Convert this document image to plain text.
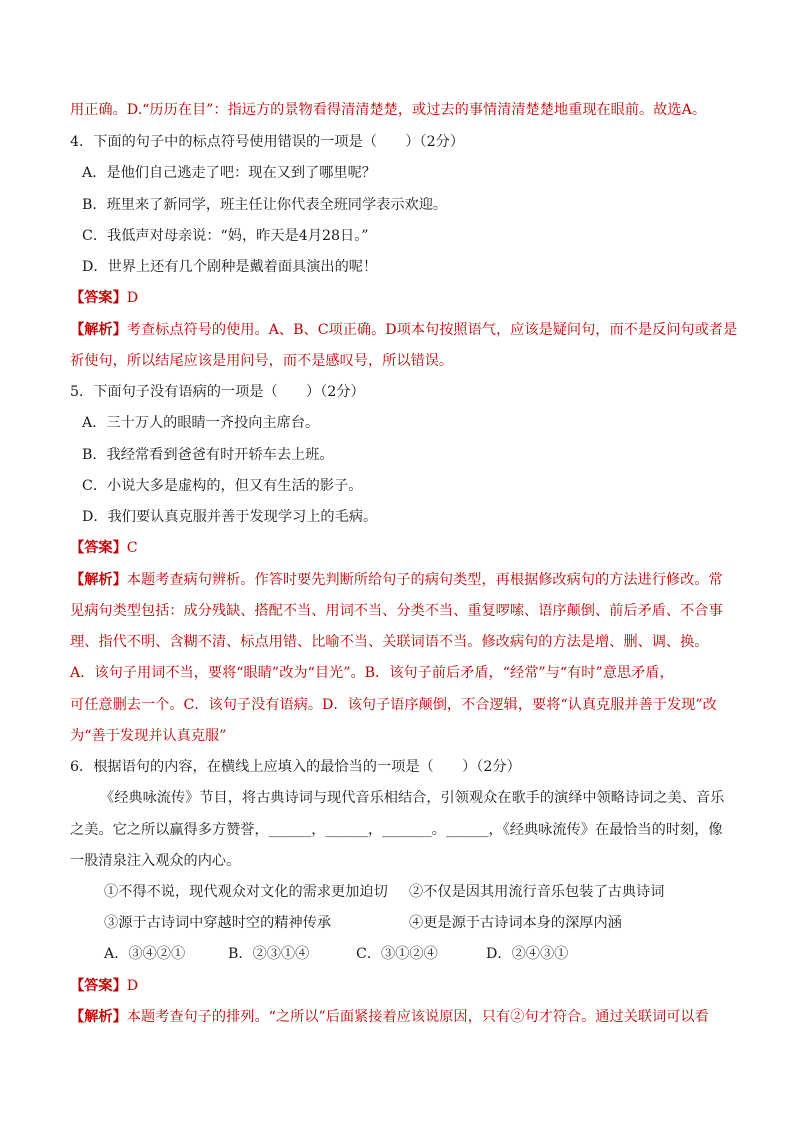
用正确。D.“历历在目”：指远方的景物看得清清楚楚，或过去的事情清清楚楚地重现在眼前。故选A。
4．下面的句子中的标点符号使用错误的一项是（　　）（2分）
A．是他们自己逃走了吧：现在又到了哪里呢？
B．班里来了新同学，班主任让你代表全班同学表示欢迎。
C．我低声对母亲说：“妈，昨天是4月28日。”
D．世界上还有几个剧种是戴着面具演出的呢！
【答案】D
【解析】考查标点符号的使用。A、B、C项正确。D项本句按照语气，应该是疑问句，而不是反问句或者是
祈使句，所以结尾应该是用问号，而不是感叹号，所以错误。
5．下面句子没有语病的一项是（　　）（2分）
A．三十万人的眼睛一齐投向主席台。
B．我经常看到爸爸有时开轿车去上班。
C．小说大多是虚构的，但又有生活的影子。
D．我们要认真克服并善于发现学习上的毛病。
【答案】C
【解析】本题考查病句辨析。作答时要先判断所给句子的病句类型，再根据修改病句的方法进行修改。常
见病句类型包括：成分残缺、搭配不当、用词不当、分类不当、重复啰嗦、语序颠倒、前后矛盾、不合事
理、指代不明、含糊不清、标点用错、比喻不当、关联词语不当。修改病句的方法是增、删、调、换。
A．该句子用词不当，要将“眼睛”改为“目光”。B．该句子前后矛盾，“经常”与“有时”意思矛盾，
可任意删去一个。C．该句子没有语病。D．该句子语序颠倒，不合逻辑，要将“认真克服并善于发现”改
为“善于发现并认真克服”
6．根据语句的内容，在横线上应填入的最恰当的一项是（　　）（2分）
《经典咏流传》节目，将古典诗词与现代音乐相结合，引领观众在歌手的演绎中领略诗词之美、音乐
之美。它之所以赢得多方赞誉，______，______，_______。______，《经典咏流传》在最恰当的时刻，像
一股清泉注入观众的内心。
①不得不说，现代观众对文化的需求更加迫切 ②不仅是因其用流行音乐包装了古典诗词
③源于古诗词中穿越时空的精神传承	④更是源于古诗词本身的深厚内涵
A．③④②①	B．②③①④	C．③①②④	D．②④③①
【答案】D
【解析】本题考查句子的排列。“之所以”后面紧接着应该说原因，只有②句才符合。通过关联词可以看
